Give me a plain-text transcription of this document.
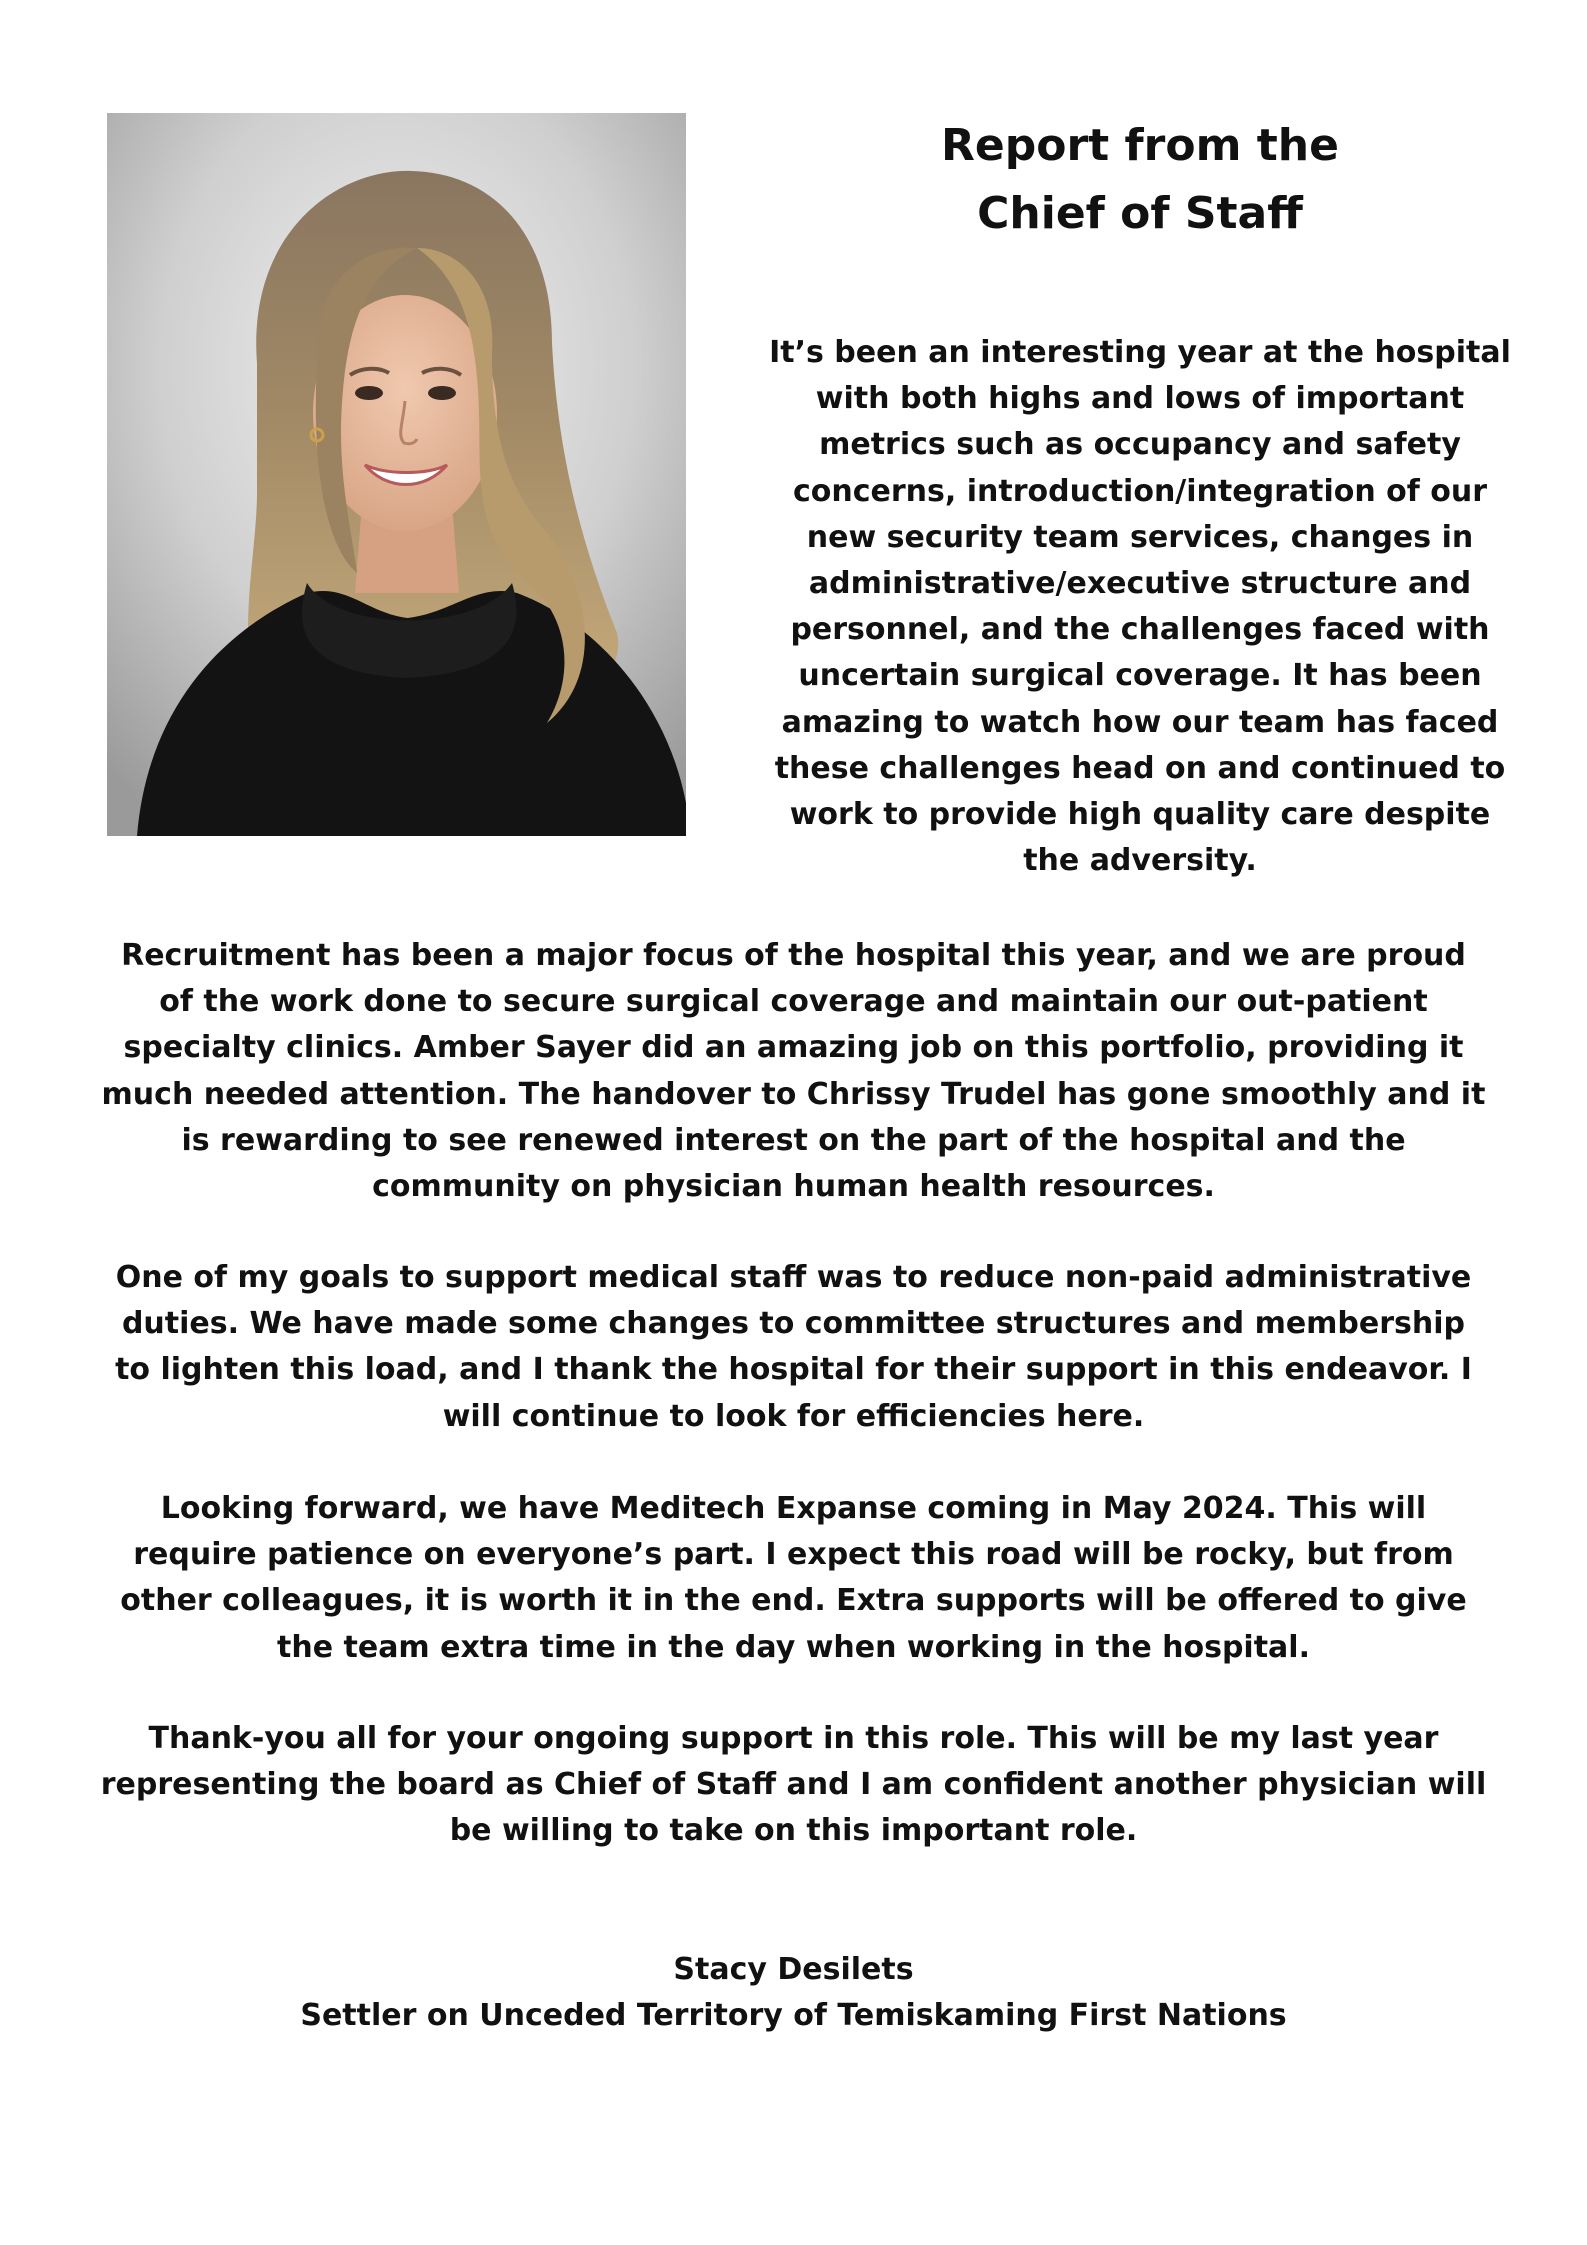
Report from the
Chief of Staff

It’s been an interesting year at the hospital with both highs and lows of important metrics such as occupancy and safety concerns, introduction/integration of our new security team services, changes in administrative/executive structure and personnel, and the challenges faced with uncertain surgical coverage. It has been amazing to watch how our team has faced these challenges head on and continued to work to provide high quality care despite the adversity.

Recruitment has been a major focus of the hospital this year, and we are proud of the work done to secure surgical coverage and maintain our out-patient specialty clinics. Amber Sayer did an amazing job on this portfolio, providing it much needed attention. The handover to Chrissy Trudel has gone smoothly and it is rewarding to see renewed interest on the part of the hospital and the community on physician human health resources.

One of my goals to support medical staff was to reduce non-paid administrative duties. We have made some changes to committee structures and membership to lighten this load, and I thank the hospital for their support in this endeavor. I will continue to look for efficiencies here.

Looking forward, we have Meditech Expanse coming in May 2024. This will require patience on everyone’s part. I expect this road will be rocky, but from other colleagues, it is worth it in the end. Extra supports will be offered to give the team extra time in the day when working in the hospital.

Thank-you all for your ongoing support in this role. This will be my last year representing the board as Chief of Staff and I am confident another physician will be willing to take on this important role.

Stacy Desilets
Settler on Unceded Territory of Temiskaming First Nations
